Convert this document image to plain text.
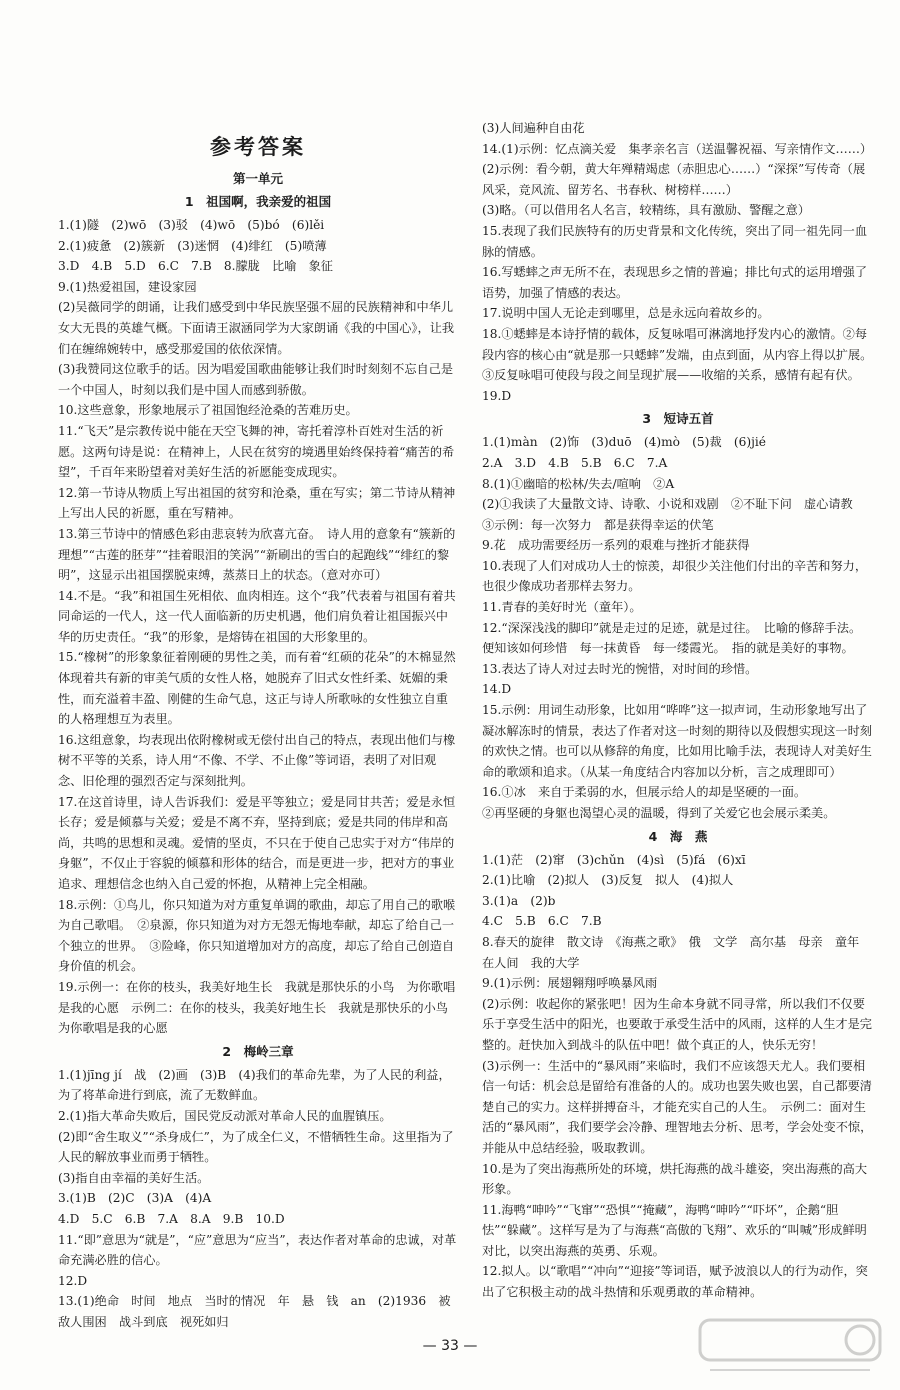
参考答案
第一单元
1　祖国啊，我亲爱的祖国

1.(1)隧　(2)wō　(3)驳　(4)wō　(5)bó　(6)lěi

2.(1)疲惫　(2)簇新　(3)迷惘　(4)绯红　(5)喷薄

3.D　4.B　5.D　6.C　7.B　8.朦胧　比喻　象征

9.(1)热爱祖国，建设家园

(2)吴薇同学的朗诵，让我们感受到中华民族坚强不屈的民族精神和中华儿女大无畏的英雄气概。下面请王淑涵同学为大家朗诵《我的中国心》，让我们在缠绵婉转中，感受那爱国的依依深情。

(3)我赞同这位歌手的话。因为唱爱国歌曲能够让我们时时刻刻不忘自己是一个中国人，时刻以我们是中国人而感到骄傲。

10.这些意象，形象地展示了祖国饱经沧桑的苦难历史。

11.“飞天”是宗教传说中能在天空飞舞的神，寄托着淳朴百姓对生活的祈愿。这两句诗是说：在精神上，人民在贫穷的境遇里始终保持着“痛苦的希望”，千百年来盼望着对美好生活的祈愿能变成现实。

12.第一节诗从物质上写出祖国的贫穷和沧桑，重在写实；第二节诗从精神上写出人民的祈愿，重在写精神。

13.第三节诗中的情感色彩由悲哀转为欣喜亢奋。　诗人用的意象有“簇新的理想”“古莲的胚芽”“挂着眼泪的笑涡”“新刷出的雪白的起跑线”“绯红的黎明”，这显示出祖国摆脱束缚，蒸蒸日上的状态。（意对亦可）

14.不是。“我”和祖国生死相依、血肉相连。这个“我”代表着与祖国有着共同命运的一代人，这一代人面临新的历史机遇，他们肩负着让祖国振兴中华的历史责任。“我”的形象，是熔铸在祖国的大形象里的。

15.“橡树”的形象象征着刚硬的男性之美，而有着“红硕的花朵”的木棉显然体现着共有新的审美气质的女性人格，她脱弃了旧式女性纤柔、妩媚的秉性，而充溢着丰盈、刚健的生命气息，这正与诗人所歌咏的女性独立自重的人格理想互为表里。

16.这组意象，均表现出依附橡树或无偿付出自己的特点，表现出他们与橡树不平等的关系，诗人用“不像、不学、不止像”等词语，表明了对旧观念、旧伦理的强烈否定与深刻批判。

17.在这首诗里，诗人告诉我们：爱是平等独立；爱是同甘共苦；爱是永恒长存；爱是倾慕与关爱；爱是不离不弃，坚持到底；爱是共同的伟岸和高尚，共鸣的思想和灵魂。爱情的坚贞，不只在于使自己忠实于对方“伟岸的身躯”，不仅止于容貌的倾慕和形体的结合，而是更进一步，把对方的事业追求、理想信念也纳入自己爱的怀抱，从精神上完全相融。

18.示例：①鸟儿，你只知道为对方重复单调的歌曲，却忘了用自己的歌喉为自己歌唱。　②泉源，你只知道为对方无怨无悔地奉献，却忘了给自己一个独立的世界。　③险峰，你只知道增加对方的高度，却忘了给自己创造自身价值的机会。

19.示例一：在你的枝头，我美好地生长　我就是那快乐的小鸟　为你歌唱是我的心愿　示例二：在你的枝头，我美好地生长　我就是那快乐的小鸟　为你歌唱是我的心愿

2　梅岭三章

1.(1)jīng jí　战　(2)画　(3)B　(4)我们的革命先辈，为了人民的利益，为了将革命进行到底，流了无数鲜血。

2.(1)指大革命失败后，国民党反动派对革命人民的血腥镇压。

(2)即“舍生取义”“杀身成仁”，为了成全仁义，不惜牺牲生命。这里指为了人民的解放事业而勇于牺牲。

(3)指自由幸福的美好生活。

3.(1)B　(2)C　(3)A　(4)A

4.D　5.C　6.B　7.A　8.A　9.B　10.D

11.“即”意思为“就是”，“应”意思为“应当”，表达作者对革命的忠诚，对革命充满必胜的信心。

12.D

13.(1)绝命　时间　地点　当时的情况　年　悬　钱　an　(2)1936　被敌人围困　战斗到底　视死如归

(3)人间遍种自由花

14.(1)示例：忆点滴关爱　集孝亲名言（送温馨祝福、写亲情作文……）　(2)示例：看今朝，黄大年殚精竭虑（赤胆忠心……）“深探”写传奇（展风采，竞风流、留芳名、书春秋、树榜样……）

(3)略。（可以借用名人名言，较精练，具有激励、警醒之意）

15.表现了我们民族特有的历史背景和文化传统，突出了同一祖先同一血脉的情感。

16.写蟋蟀之声无所不在，表现思乡之情的普遍；排比句式的运用增强了语势，加强了情感的表达。

17.说明中国人无论走到哪里，总是永远向着故乡的。

18.①蟋蟀是本诗抒情的载体，反复咏唱可淋漓地抒发内心的激情。②每段内容的核心由“就是那一只蟋蟀”发端，由点到面，从内容上得以扩展。　③反复咏唱可使段与段之间呈现扩展——收缩的关系，感情有起有伏。

19.D

3　短诗五首

1.(1)màn　(2)饰　(3)duō　(4)mò　(5)裁　(6)jié

2.A　3.D　4.B　5.B　6.C　7.A

8.(1)①幽暗的松林/失去/喧响　②A

(2)①我读了大量散文诗、诗歌、小说和戏剧　②不耻下问　虚心请教　③示例：每一次努力　都是获得幸运的伏笔

9.花　成功需要经历一系列的艰难与挫折才能获得

10.表现了人们对成功人士的惊羡，却很少关注他们付出的辛苦和努力，也很少像成功者那样去努力。

11.青春的美好时光（童年）。

12.“深深浅浅的脚印”就是走过的足迹，就是过往。　比喻的修辞手法。　便知该如何珍惜　每一抹黄昏　每一缕霞光。　指的就是美好的事物。

13.表达了诗人对过去时光的惋惜，对时间的珍惜。

14.D

15.示例：用词生动形象，比如用“哗哗”这一拟声词，生动形象地写出了凝冰解冻时的情景，表达了作者对这一时刻的期待以及假想实现这一时刻的欢快之情。也可以从修辞的角度，比如用比喻手法，表现诗人对美好生命的歌颂和追求。（从某一角度结合内容加以分析，言之成理即可）

16.①冰　来自于柔弱的水，但展示给人的却是坚硬的一面。

②再坚硬的身躯也渴望心灵的温暖，得到了关爱它也会展示柔美。

4　海　燕

1.(1)茫　(2)窜　(3)chǔn　(4)sì　(5)fá　(6)xī

2.(1)比喻　(2)拟人　(3)反复　拟人　(4)拟人

3.(1)a　(2)b

4.C　5.B　6.C　7.B

8.春天的旋律　散文诗　《海燕之歌》　俄　文学　高尔基　母亲　童年　在人间　我的大学

9.(1)示例：展翅翱翔呼唤暴风雨

(2)示例：收起你的紧张吧！因为生命本身就不同寻常，所以我们不仅要乐于享受生活中的阳光，也要敢于承受生活中的风雨，这样的人生才是完整的。赶快加入到战斗的队伍中吧！做个真正的人，快乐无穷！

(3)示例一：生活中的“暴风雨”来临时，我们不应该怨天尤人。我们要相信一句话：机会总是留给有准备的人的。成功也罢失败也罢，自己都要清楚自己的实力。这样拼搏奋斗，才能充实自己的人生。　示例二：面对生活的“暴风雨”，我们要学会冷静、理智地去分析、思考，学会处变不惊，并能从中总结经验，吸取教训。

10.是为了突出海燕所处的环境，烘托海燕的战斗雄姿，突出海燕的高大形象。

11.海鸭“呻吟”“飞窜”“恐惧”“掩藏”，海鸭“呻吟”“吓坏”，企鹅“胆怯”“躲藏”。这样写是为了与海燕“高傲的飞翔”、欢乐的“叫喊”形成鲜明对比，以突出海燕的英勇、乐观。

12.拟人。以“歌唱”“冲向”“迎接”等词语，赋予波浪以人的行为动作，突出了它积极主动的战斗热情和乐观勇敢的革命精神。

— 33 —
